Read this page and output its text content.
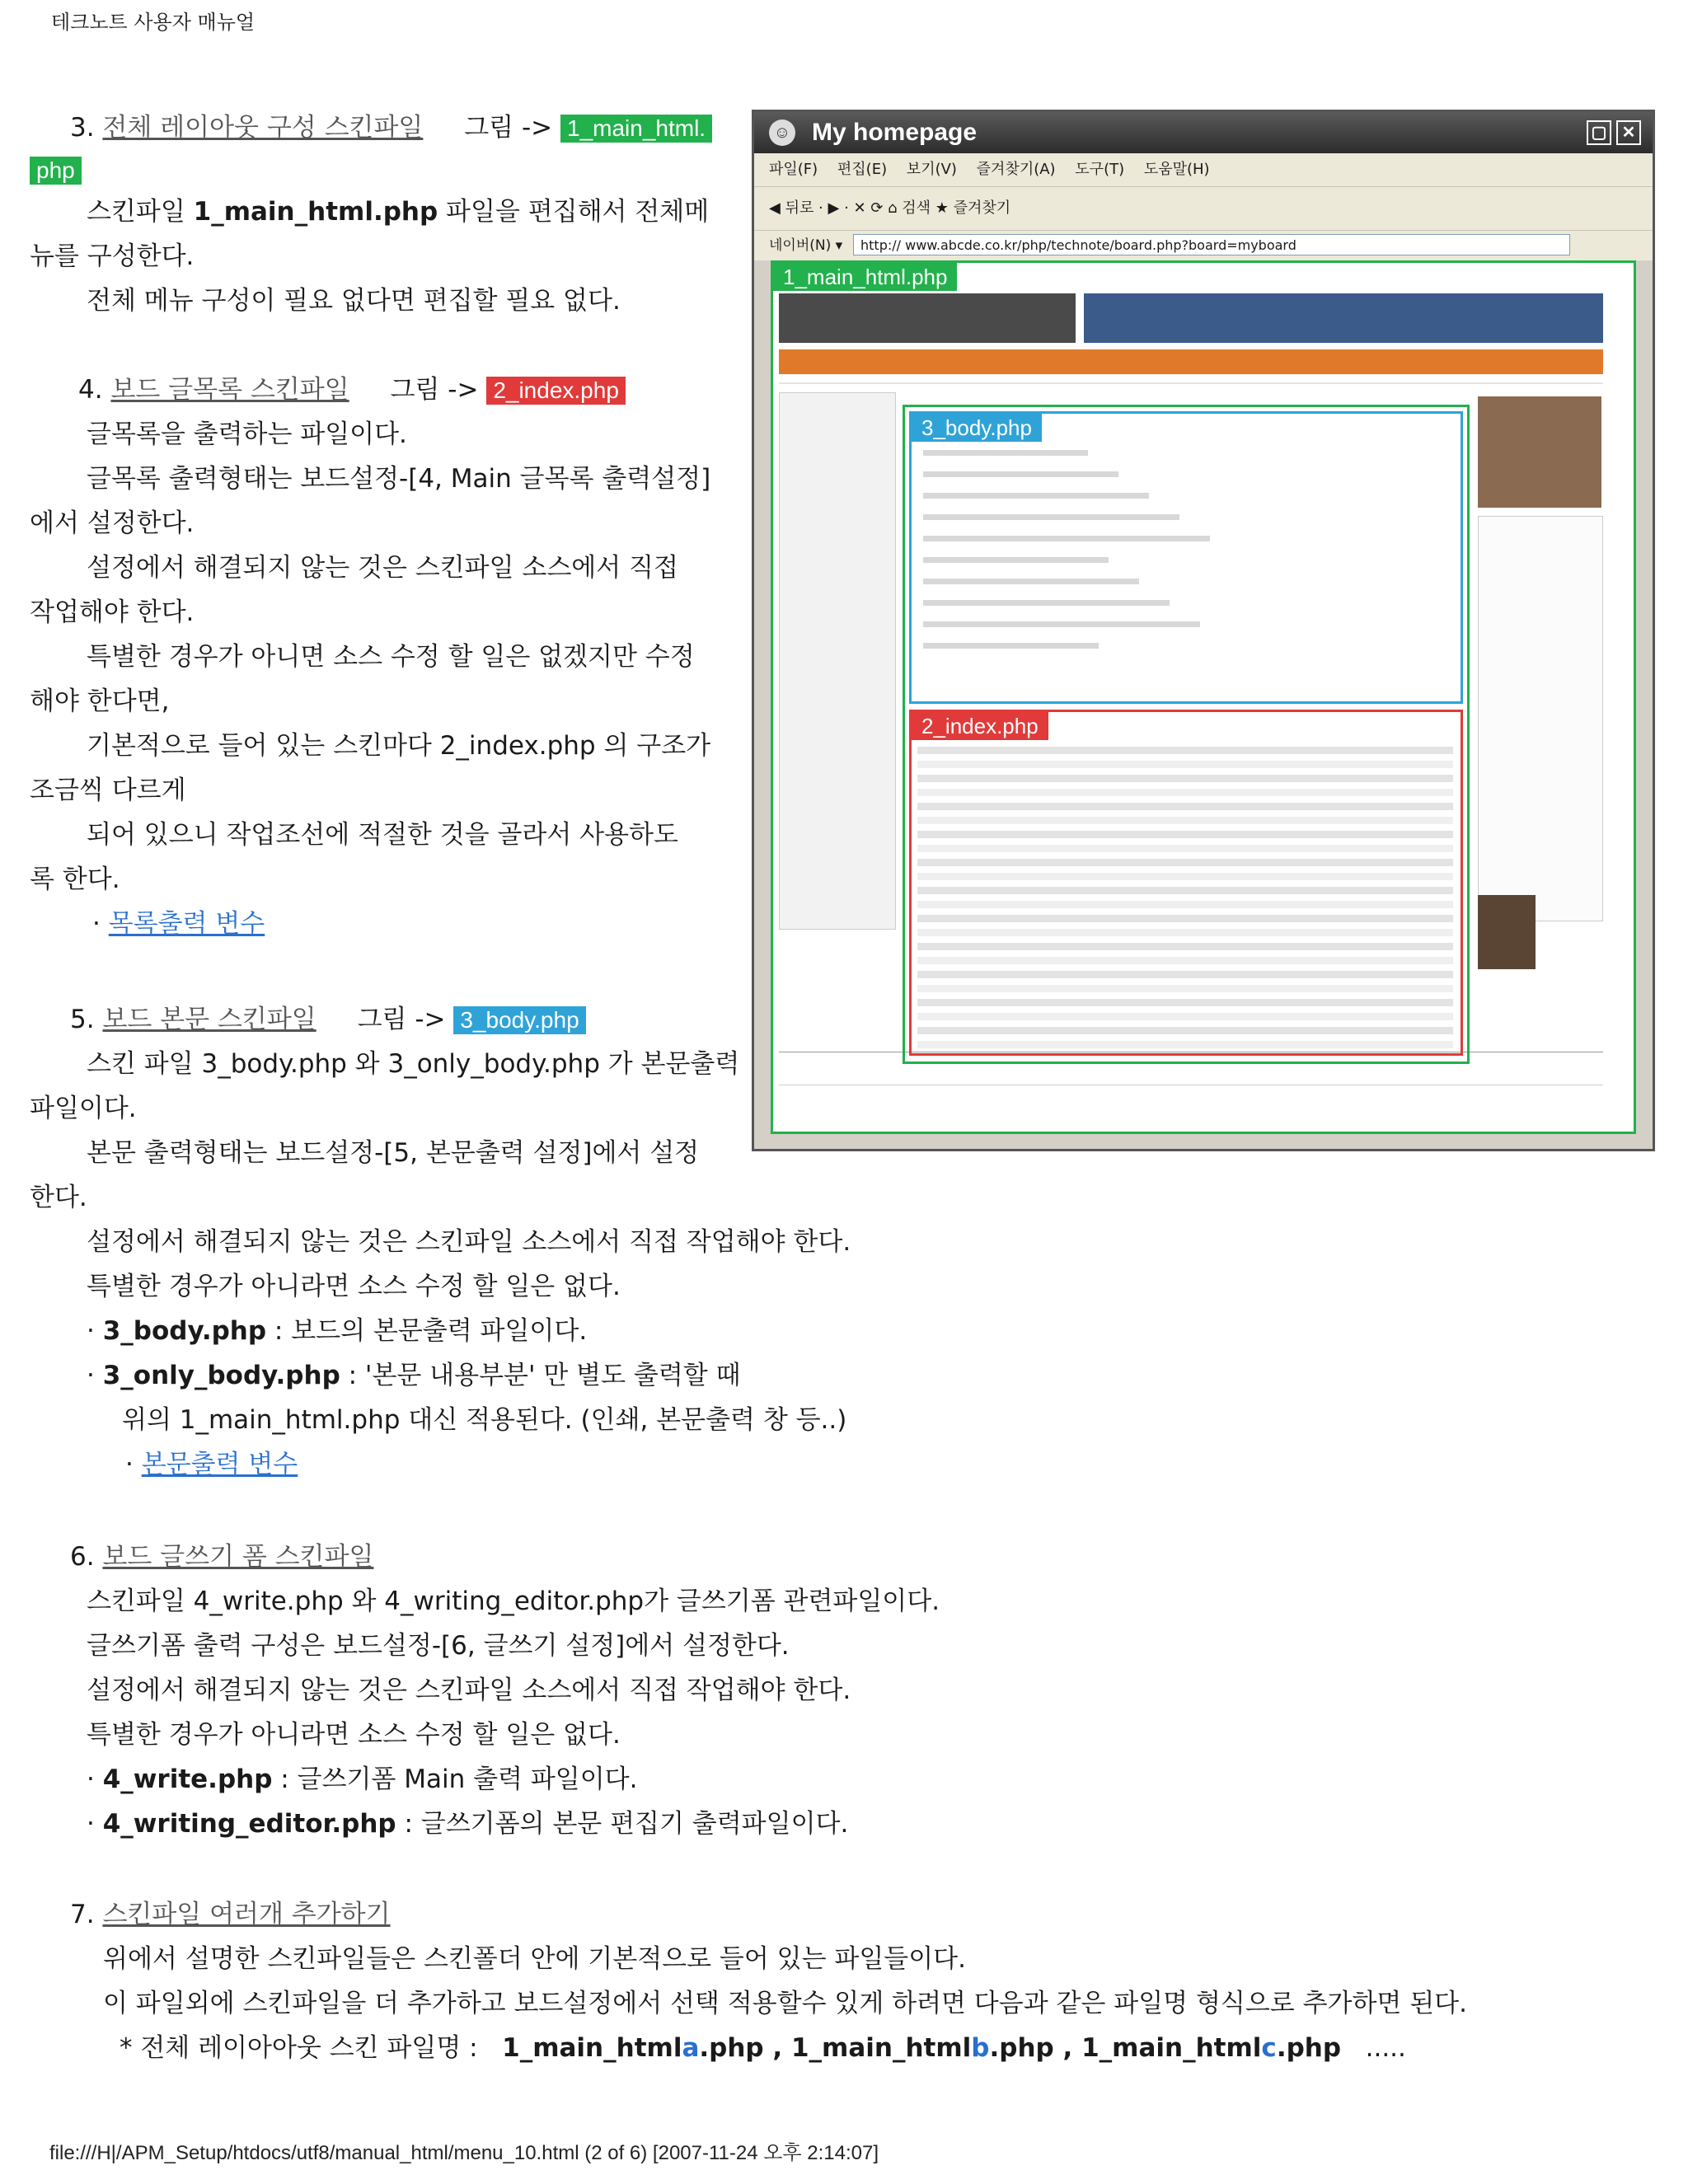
테크노트 사용자 매뉴얼
3. 전체 레이아웃 구성 스킨파일 그림 -> 1_main_html.
php
스킨파일 1_main_html.php 파일을 편집해서 전체메
뉴를 구성한다.
전체 메뉴 구성이 필요 없다면 편집할 필요 없다.
4. 보드 글목록 스킨파일 그림 -> 2_index.php
글목록을 출력하는 파일이다.
글목록 출력형태는 보드설정-[4, Main 글목록 출력설정]
에서 설정한다.
설정에서 해결되지 않는 것은 스킨파일 소스에서 직접
작업해야 한다.
특별한 경우가 아니면 소스 수정 할 일은 없겠지만 수정
해야 한다면,
기본적으로 들어 있는 스킨마다 2_index.php 의 구조가
조금씩 다르게
되어 있으니 작업조선에 적절한 것을 골라서 사용하도
록 한다.
· 목록출력 변수
5. 보드 본문 스킨파일 그림 -> 3_body.php
스킨 파일 3_body.php 와 3_only_body.php 가 본문출력
파일이다.
본문 출력형태는 보드설정-[5, 본문출력 설정]에서 설정
한다.
설정에서 해결되지 않는 것은 스킨파일 소스에서 직접 작업해야 한다.
특별한 경우가 아니라면 소스 수정 할 일은 없다.
· 3_body.php : 보드의 본문출력 파일이다.
· 3_only_body.php : '본문 내용부분' 만 별도 출력할 때
위의 1_main_html.php 대신 적용된다. (인쇄, 본문출력 창 등..)
· 본문출력 변수
6. 보드 글쓰기 폼 스킨파일
스킨파일 4_write.php 와 4_writing_editor.php가 글쓰기폼 관련파일이다.
글쓰기폼 출력 구성은 보드설정-[6, 글쓰기 설정]에서 설정한다.
설정에서 해결되지 않는 것은 스킨파일 소스에서 직접 작업해야 한다.
특별한 경우가 아니라면 소스 수정 할 일은 없다.
· 4_write.php : 글쓰기폼 Main 출력 파일이다.
· 4_writing_editor.php : 글쓰기폼의 본문 편집기 출력파일이다.
7. 스킨파일 여러개 추가하기
위에서 설명한 스킨파일들은 스킨폴더 안에 기본적으로 들어 있는 파일들이다.
이 파일외에 스킨파일을 더 추가하고 보드설정에서 선택 적용할수 있게 하려면 다음과 같은 파일명 형식으로 추가하면 된다.
* 전체 레이아아웃 스킨 파일명 : 1_main_htmla.php , 1_main_htmlb.php , 1_main_htmlc.php .....
☺ My homepage	▢ ✕
파일(F) 편집(E) 보기(V) 즐겨찾기(A) 도구(T) 도움말(H)
◀ 뒤로 · ▶ · ✕ ⟳ ⌂ 검색 ★ 즐겨찾기
네이버(N) ▾	http:// www.abcde.co.kr/php/technote/board.php?board=myboard
1_main_html.php
3_body.php
2_index.php
file:///H|/APM_Setup/htdocs/utf8/manual_html/menu_10.html (2 of 6) [2007-11-24 오후 2:14:07]
